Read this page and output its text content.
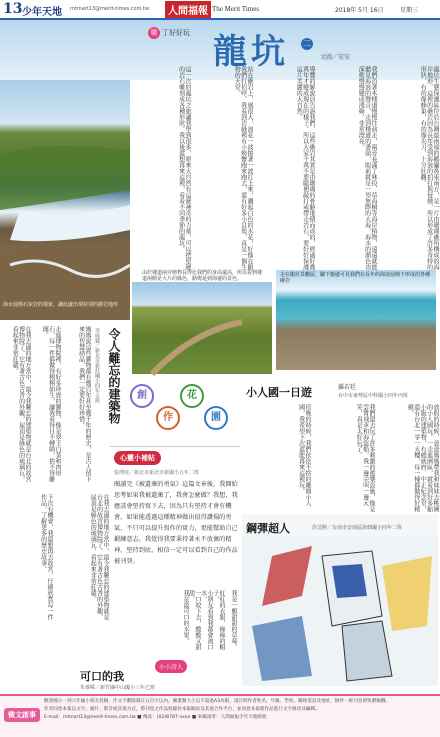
13 少年天地 mtmart13@merit-times.com.tw	人間福報 The Merit Times	2018年 5月 16日	星期三
樂 丁好好玩 龍坑 二
文圖／安安
海水侵蝕石灰岩的現象，讓此處出現特別的礁岩地形
龍坑生態保護區位於台灣最南端的鵝鑾鼻東南方，是一片由珊瑚礁所構成的海岸地形，這裡的礁岩因為長年受到海浪的拍打與侵蝕，所以形成了許多奇特的形狀，有的像蜂巢，有的像尖刀，十分壯觀。
我們沿著木棧道慢慢往前走，兩旁長滿了林投、草海桐等海岸植物，遠遠就能聽見海浪的聲音。走到棧道的盡頭，眼前就是一望無際的大海，海水的顏色由深藍慢慢變成淺綠，非常漂亮。
導覽的解說員告訴我們，這些礁岩其實是由珊瑚的骨骼堆積而成的，經過好幾萬年才變成現在的樣子。所以大家千萬不要隨便敲打或帶走岩石，要好好保護這片美麗的大自然。
站在礁岩上，風很大，浪花一波接著一波打上來，濺起白色的水花，好像在跟我們打招呼。我看到岩縫裡有小螃蟹跑來跑去，還有好多小貝殼，真是一個生物的天堂。
這一次的龍坑之旅讓我學到很多，原來大自然有這麼神奇的力量，可以把堅硬的岩石雕刻成各種形狀。我以後還想再來這裡，看看不同季節的龍坑。
由於棧道兩旁植物長得比我們的身高還高，所以看到棧道兩側是大片的綠色，路彎延到海邊的景色。
走在龍坑景觀區，腳下隨處可見我們在長年的海浪侵蝕下形成的各種礁岩
在我去過的地方當中，最令我難忘的建築物就是台北的故宮博物院了。它有著古色古香的外觀，屋頂是綠色的琉璃瓦，看起來非常莊嚴。	走進博物院裡，有好多珍貴的寶物，像是翠玉白菜和肉形石，每一件都做得栩栩如生，讓我看得目不轉睛，捨不得離開。	媽媽說這些寶物都有幾百年甚至幾千年的歷史，是古人留下來的智慧結晶，我們一定要好好珍惜。	李庭賢／新北市新莊國小四年五班 令人難忘的建築物	創
作
花
園
心靈小補帖
張理庭／新北市新北市新國小五年二班
閱讀完《被遺棄的勇氣》這篇文章後，我開始思考如果我被遺棄了，我會怎麼做？我想，我應該會堅持寫下去，因為只有堅持才會有機會。如果能透過這種精神做出值得讚揚的勇氣，不只可以提升寫作的實力，更能幫助自己鍛鍊意志。我覺得我要秉持著永不放棄的精神，堅持到底，相信一定可以看到自己的作品被刊登。
小人國一日遊	羅若廷
台中市東勢區中科國小四年丙班
放假的時候，爸爸媽媽帶我和妹妹去桃園的小人國玩。一走進園區，就看到好多縮小版的建築物，有總統府、中正紀念堂，還有台北一零一大樓，每一棟都做得好精緻。
我們還去玩了許多刺激的遊樂設施，像是雲霄飛車和海盜船，我一邊尖叫一邊大笑，真是太好玩了。
傍晚的時候，我們依依不捨的離開小人國，我希望下次還能再來這裡玩。
鋼彈超人	許芸熙／台南市安南區海佃國小四年二班
下次有機會，我還想再去故宮，仔細欣賞每一件作品，了解更多的歷史故事。	在我去過的地方當中，最令我難忘的建築物就是台北的故宮博物院了。它有著古色古香的外觀，屋頂是綠色的琉璃瓦，看起來非常莊嚴。
我是一顆甜甜的草莓，
紅紅的衣服，綠綠的帽子，
小朋友看到我都會流口水，
一口咬下去，酸酸又甜甜，
我是最可口的水果。
可口的我
小小詩人
朱睿晞／新竹縣中山國小三年乙班
徵文啟事
歡迎國小一到六年級小朋友投稿，作文字數限制在五百字以內，圖畫類大小以不超過A3為限，請註明作者姓名、年級、學校、聯絡電話及地址，稿件一經刊登即致贈稿酬。
作者同意本報以文字、圖片、影音或其他方式，將刊登之作品收錄於本報網站及其他合作平台，並同意本報就作品進行文字修改及編輯。
E-mail：mtmart13@merit-times.com.tw ■ 傳真：(02)8787-xxxx ■ 來稿請寄：人間福報少年天地版收
